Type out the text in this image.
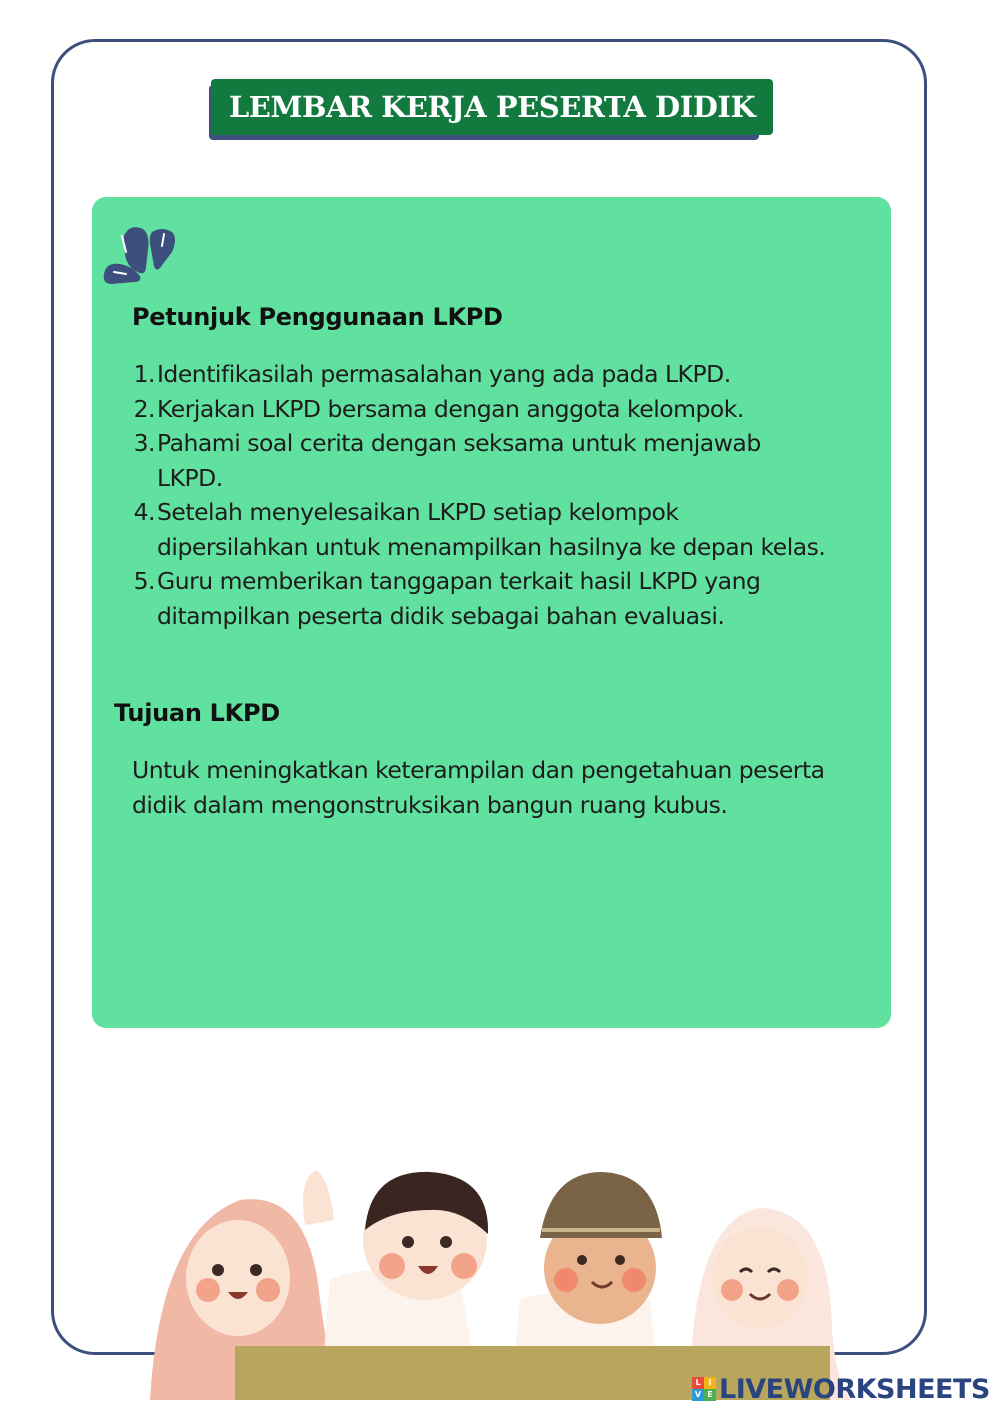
LEMBAR KERJA PESERTA DIDIK
Petunjuk Penggunaan LKPD
1. Identifikasilah permasalahan yang ada pada LKPD.
2. Kerjakan LKPD bersama dengan anggota kelompok.
3. Pahami soal cerita dengan seksama untuk menjawab LKPD.
4. Setelah menyelesaikan LKPD setiap kelompok dipersilahkan untuk menampilkan hasilnya ke depan kelas.
5. Guru memberikan tanggapan terkait hasil LKPD yang ditampilkan peserta didik sebagai bahan evaluasi.
Tujuan LKPD

Untuk meningkatkan keterampilan dan pengetahuan peserta didik dalam mengonstruksikan bangun ruang kubus.

L I
V E LIVEWORKSHEETS
